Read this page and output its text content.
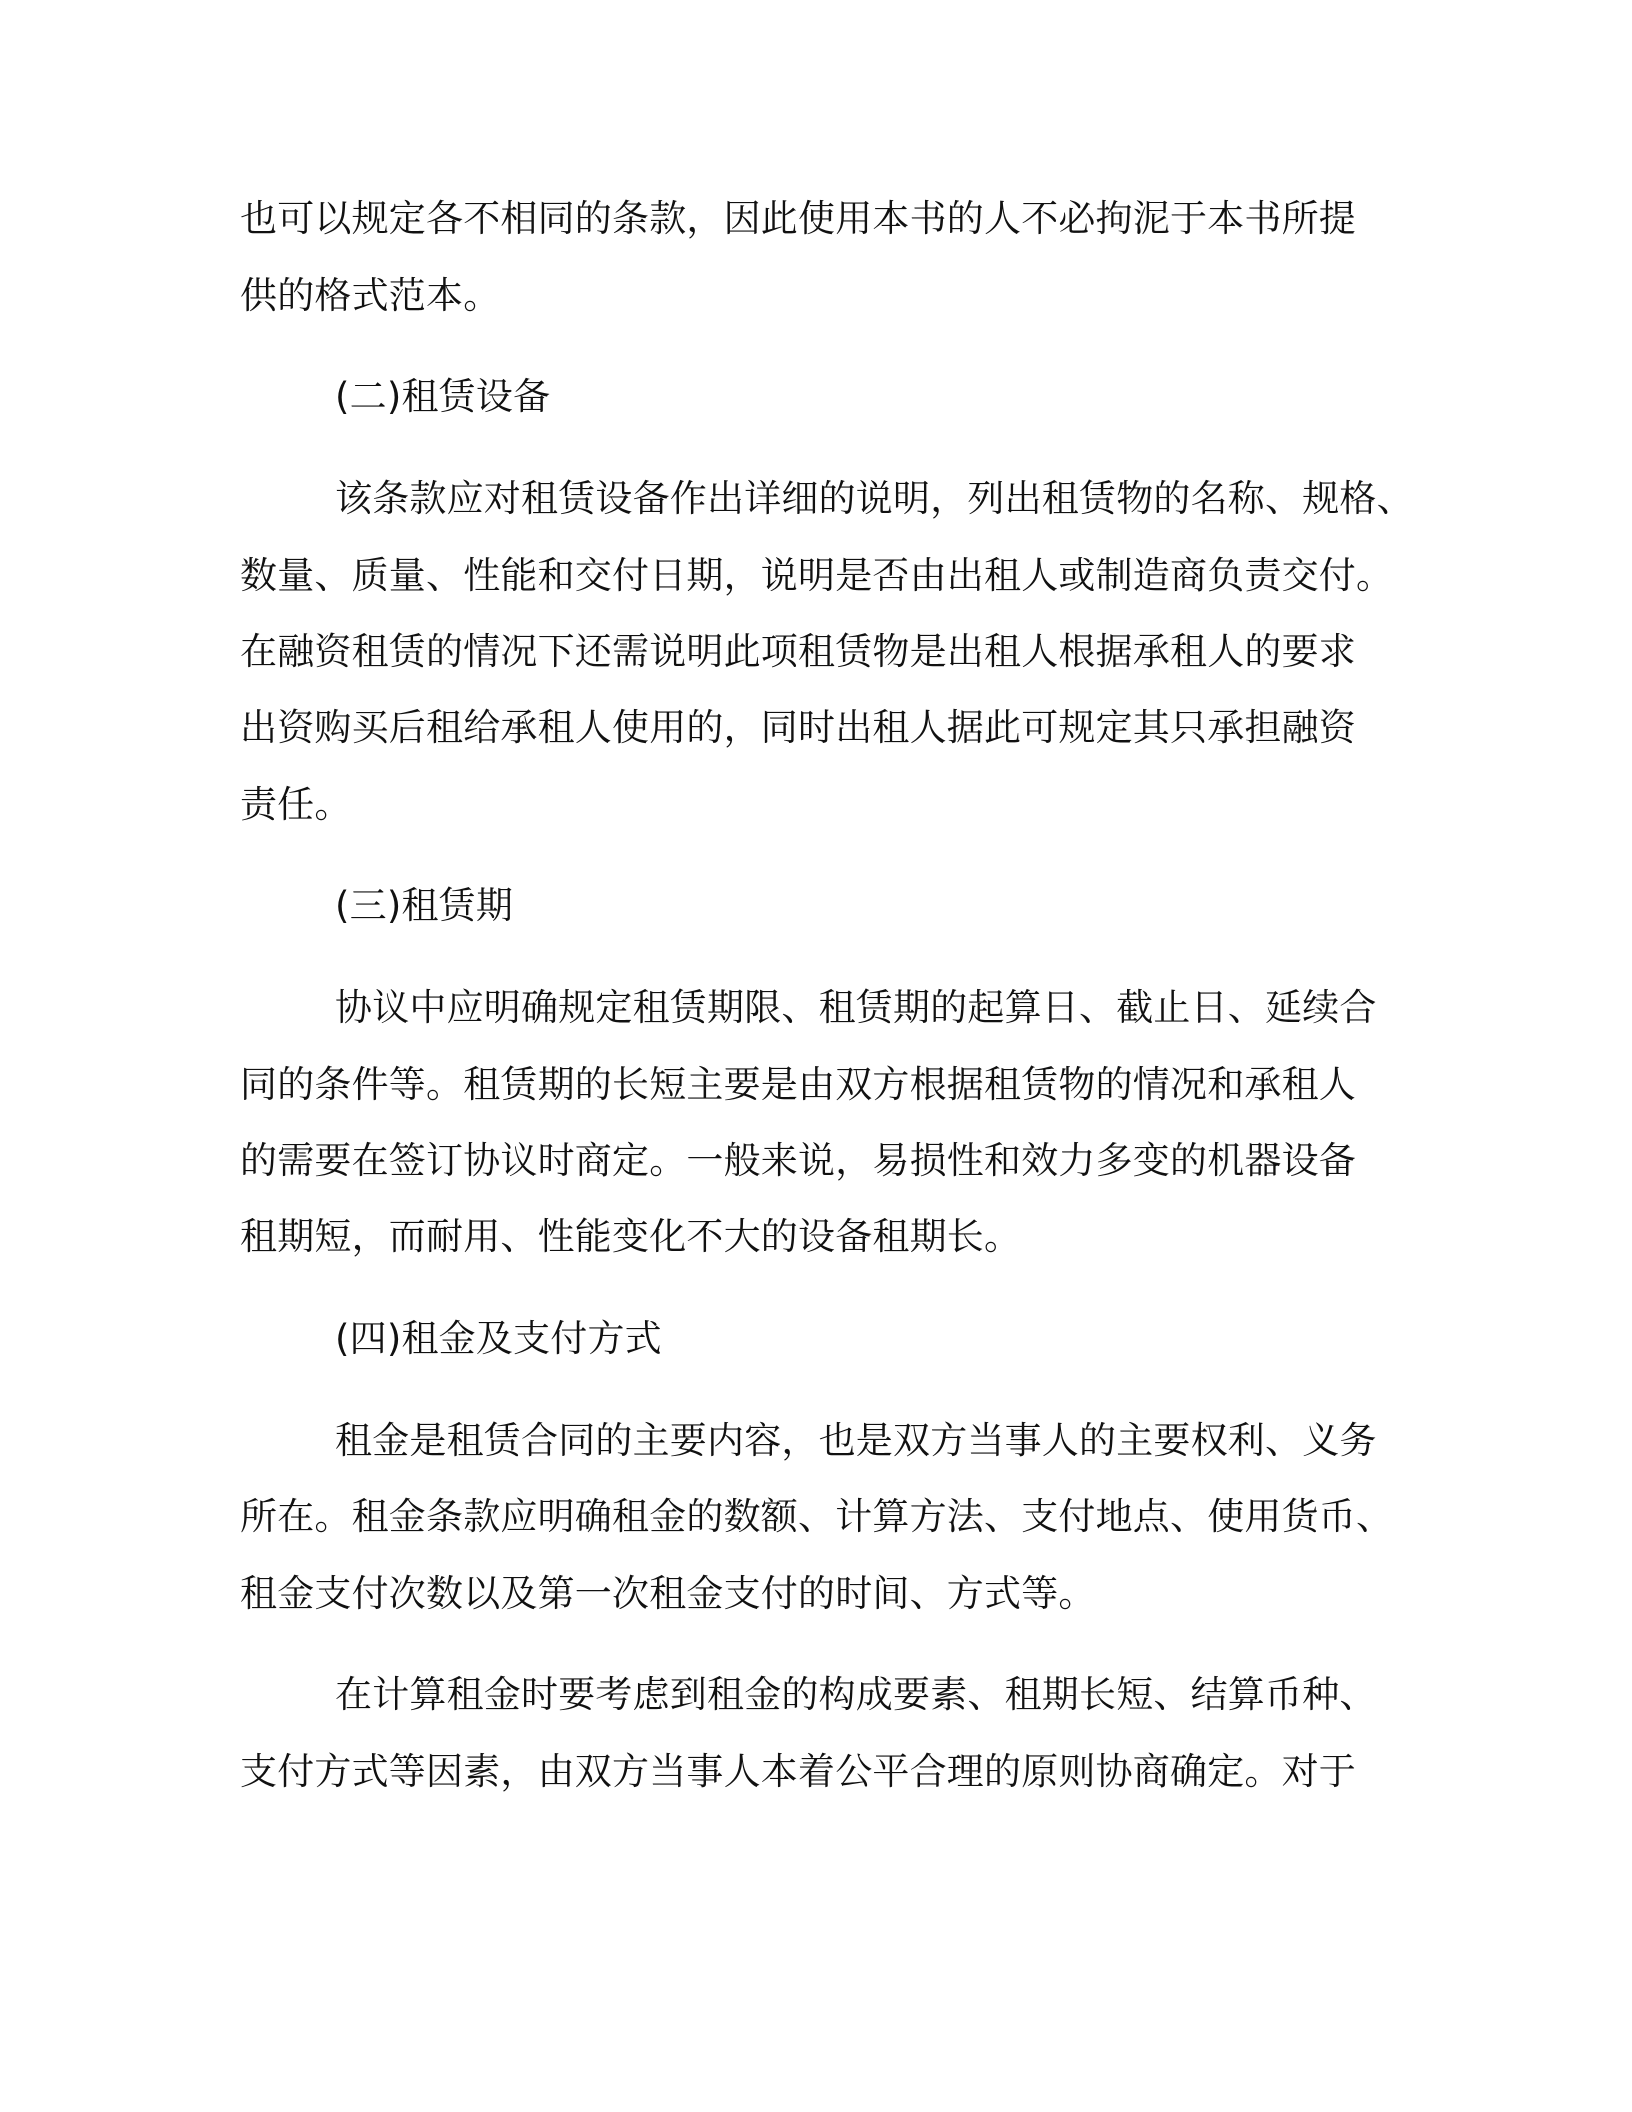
也可以规定各不相同的条款，因此使用本书的人不必拘泥于本书所提
供的格式范本。
(二)租赁设备
该条款应对租赁设备作出详细的说明，列出租赁物的名称、规格、
数量、质量、性能和交付日期，说明是否由出租人或制造商负责交付。
在融资租赁的情况下还需说明此项租赁物是出租人根据承租人的要求
出资购买后租给承租人使用的，同时出租人据此可规定其只承担融资
责任。
(三)租赁期
协议中应明确规定租赁期限、租赁期的起算日、截止日、延续合
同的条件等。租赁期的长短主要是由双方根据租赁物的情况和承租人
的需要在签订协议时商定。一般来说，易损性和效力多变的机器设备
租期短，而耐用、性能变化不大的设备租期长。
(四)租金及支付方式
租金是租赁合同的主要内容，也是双方当事人的主要权利、义务
所在。租金条款应明确租金的数额、计算方法、支付地点、使用货币、
租金支付次数以及第一次租金支付的时间、方式等。
在计算租金时要考虑到租金的构成要素、租期长短、结算币种、
支付方式等因素，由双方当事人本着公平合理的原则协商确定。对于
